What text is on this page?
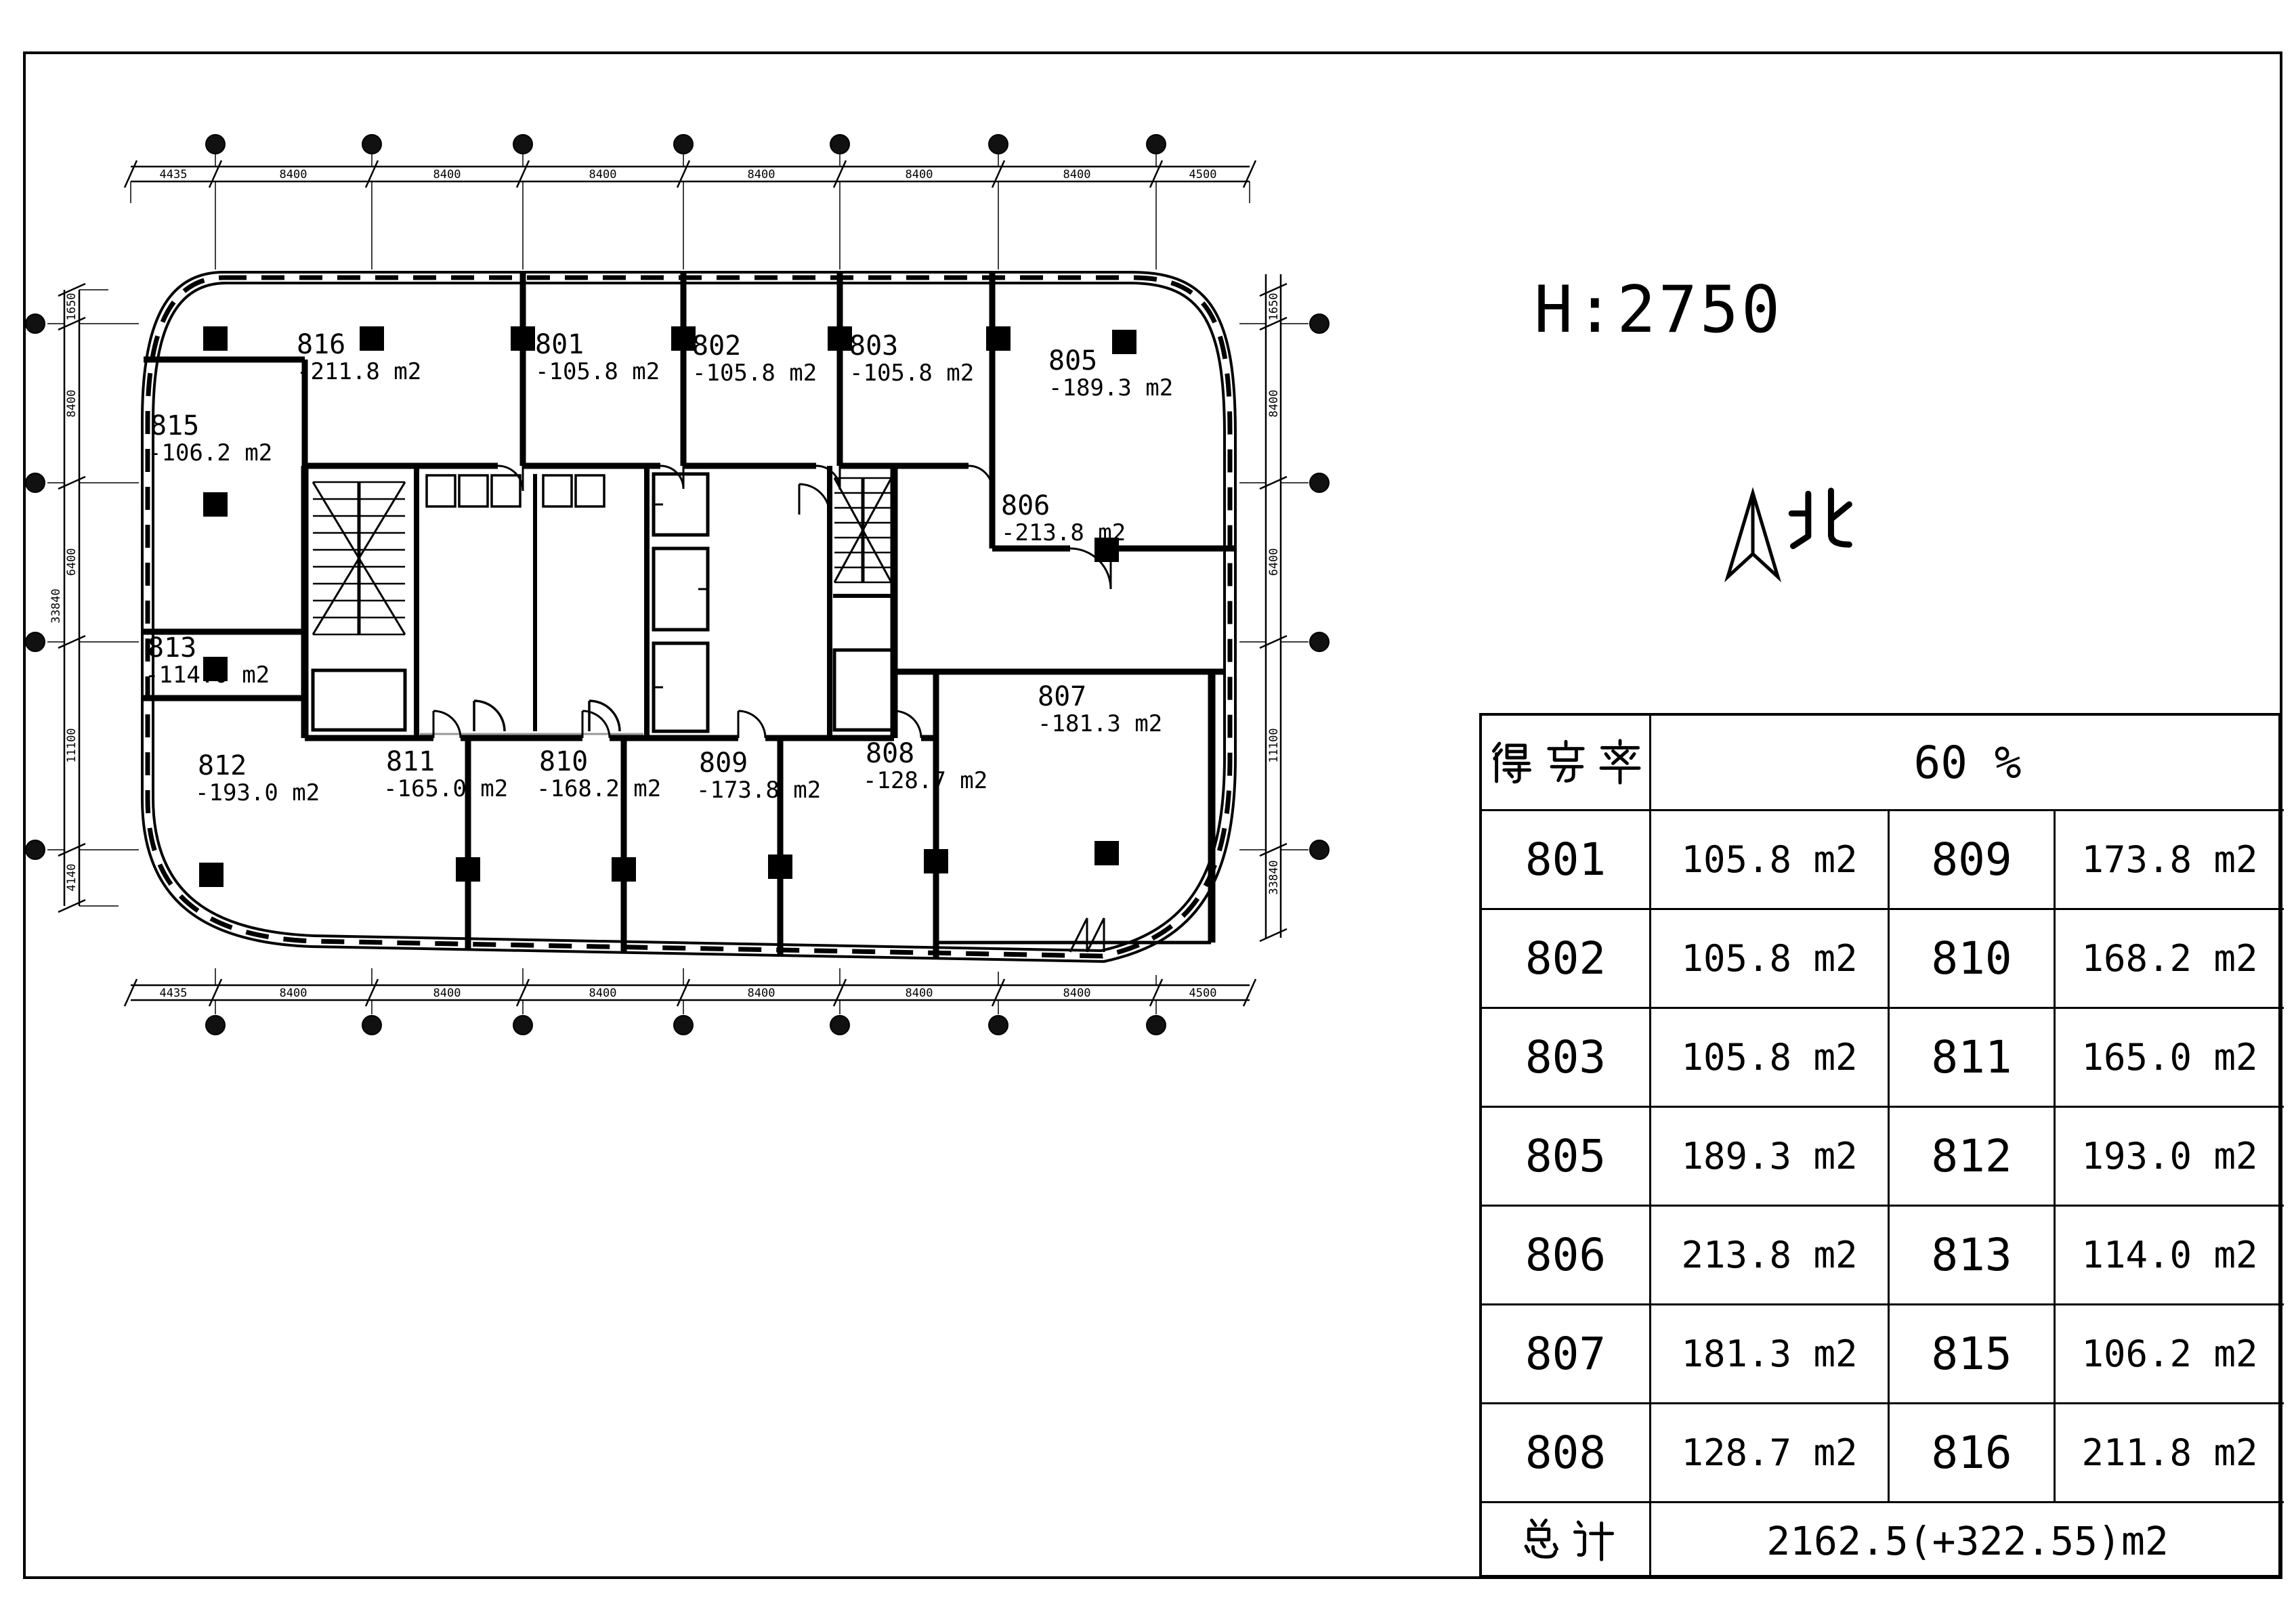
4435	8400	8400	8400	8400	8400	8400	4500
4435	8400	8400	8400	8400	8400	8400	4500
1650
8400
6400
11100
4140
33840
1650
8400
6400
11100
33840
816
-211.8 m2
801
-105.8 m2
802
-105.8 m2
803
-105.8 m2	805
-189.3 m2
815
-106.2 m2
806
-213.8 m2
813
-114.0 m2
807
-181.3 m2
812
-193.0 m2
811
-165.0 m2
810
-168.2 m2
809
-173.8 m2
808
-128.7 m2
H:2750
60 %
801	105.8 m2	809	173.8 m2
802	105.8 m2	810	168.2 m2
803	105.8 m2	811	165.0 m2
805	189.3 m2	812	193.0 m2
806	213.8 m2	813	114.0 m2
807	181.3 m2	815	106.2 m2
808	128.7 m2	816	211.8 m2
2162.5(+322.55)m2
